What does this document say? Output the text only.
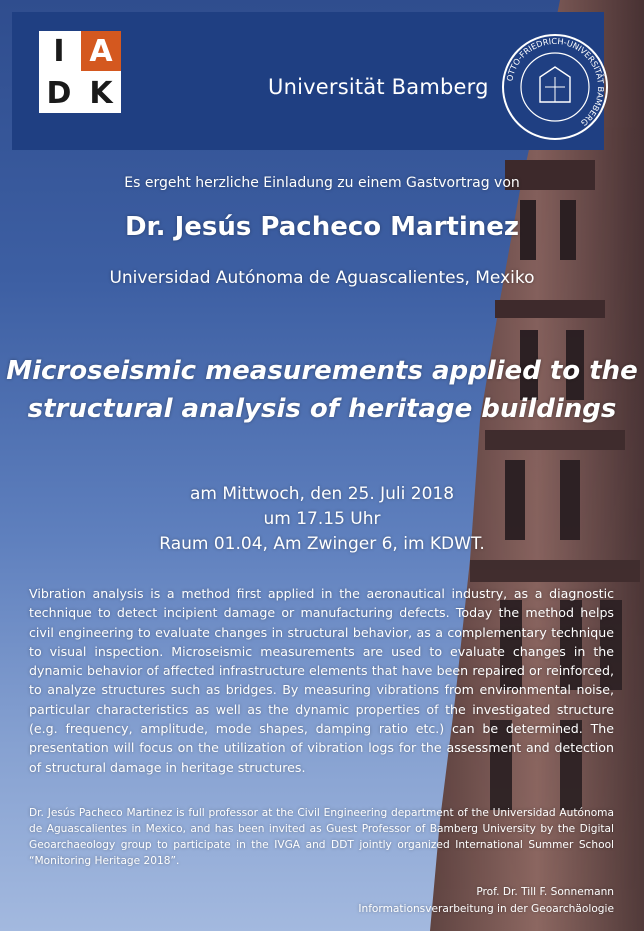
I A
D K	Universität Bamberg OTTO-FRIEDRICH-UNIVERSITÄT BAMBERG
Es ergeht herzliche Einladung zu einem Gastvortrag von
Dr. Jesús Pacheco Martinez
Universidad Autónoma de Aguascalientes, Mexiko
Microseismic measurements applied to the
structural analysis of heritage buildings
am Mittwoch, den 25. Juli 2018
um 17.15 Uhr
Raum 01.04, Am Zwinger 6, im KDWT.
Vibration analysis is a method first applied in the aeronautical industry, as a diagnostic technique to detect incipient damage or manufacturing defects. Today the method helps civil engineering to evaluate changes in structural behavior, as a complementary technique to visual inspection. Microseismic measurements are used to evaluate changes in the dynamic behavior of affected infrastructure elements that have been repaired or reinforced, to analyze structures such as bridges. By measuring vibrations from environmental noise, particular characteristics as well as the dynamic properties of the investigated structure (e.g. frequency, amplitude, mode shapes, damping ratio etc.) can be determined. The presentation will focus on the utilization of vibration logs for the assessment and detection of structural damage in heritage structures.
Dr. Jesús Pacheco Martinez is full professor at the Civil Engineering department of the Universidad Autónoma de Aguascalientes in Mexico, and has been invited as Guest Professor of Bamberg University by the Digital Geoarchaeology group to participate in the IVGA and DDT jointly organized International Summer School “Monitoring Heritage 2018”.
Prof. Dr. Till F. Sonnemann
Informationsverarbeitung in der Geoarchäologie
